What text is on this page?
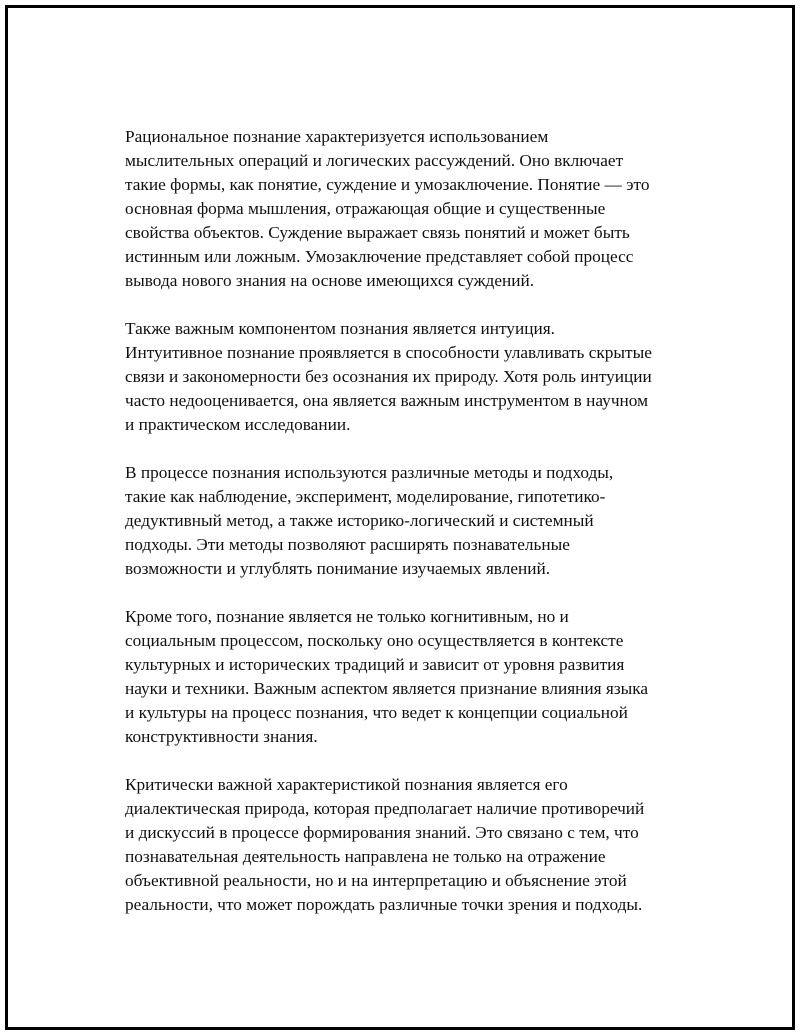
Рациональное познание характеризуется использованием
мыслительных операций и логических рассуждений. Оно включает
такие формы, как понятие, суждение и умозаключение. Понятие — это
основная форма мышления, отражающая общие и существенные
свойства объектов. Суждение выражает связь понятий и может быть
истинным или ложным. Умозаключение представляет собой процесс
вывода нового знания на основе имеющихся суждений.

Также важным компонентом познания является интуиция.
Интуитивное познание проявляется в способности улавливать скрытые
связи и закономерности без осознания их природу. Хотя роль интуиции
часто недооценивается, она является важным инструментом в научном
и практическом исследовании.

В процессе познания используются различные методы и подходы,
такие как наблюдение, эксперимент, моделирование, гипотетико-
дедуктивный метод, а также историко-логический и системный
подходы. Эти методы позволяют расширять познавательные
возможности и углублять понимание изучаемых явлений.

Кроме того, познание является не только когнитивным, но и
социальным процессом, поскольку оно осуществляется в контексте
культурных и исторических традиций и зависит от уровня развития
науки и техники. Важным аспектом является признание влияния языка
и культуры на процесс познания, что ведет к концепции социальной
конструктивности знания.

Критически важной характеристикой познания является его
диалектическая природа, которая предполагает наличие противоречий
и дискуссий в процессе формирования знаний. Это связано с тем, что
познавательная деятельность направлена не только на отражение
объективной реальности, но и на интерпретацию и объяснение этой
реальности, что может порождать различные точки зрения и подходы.
